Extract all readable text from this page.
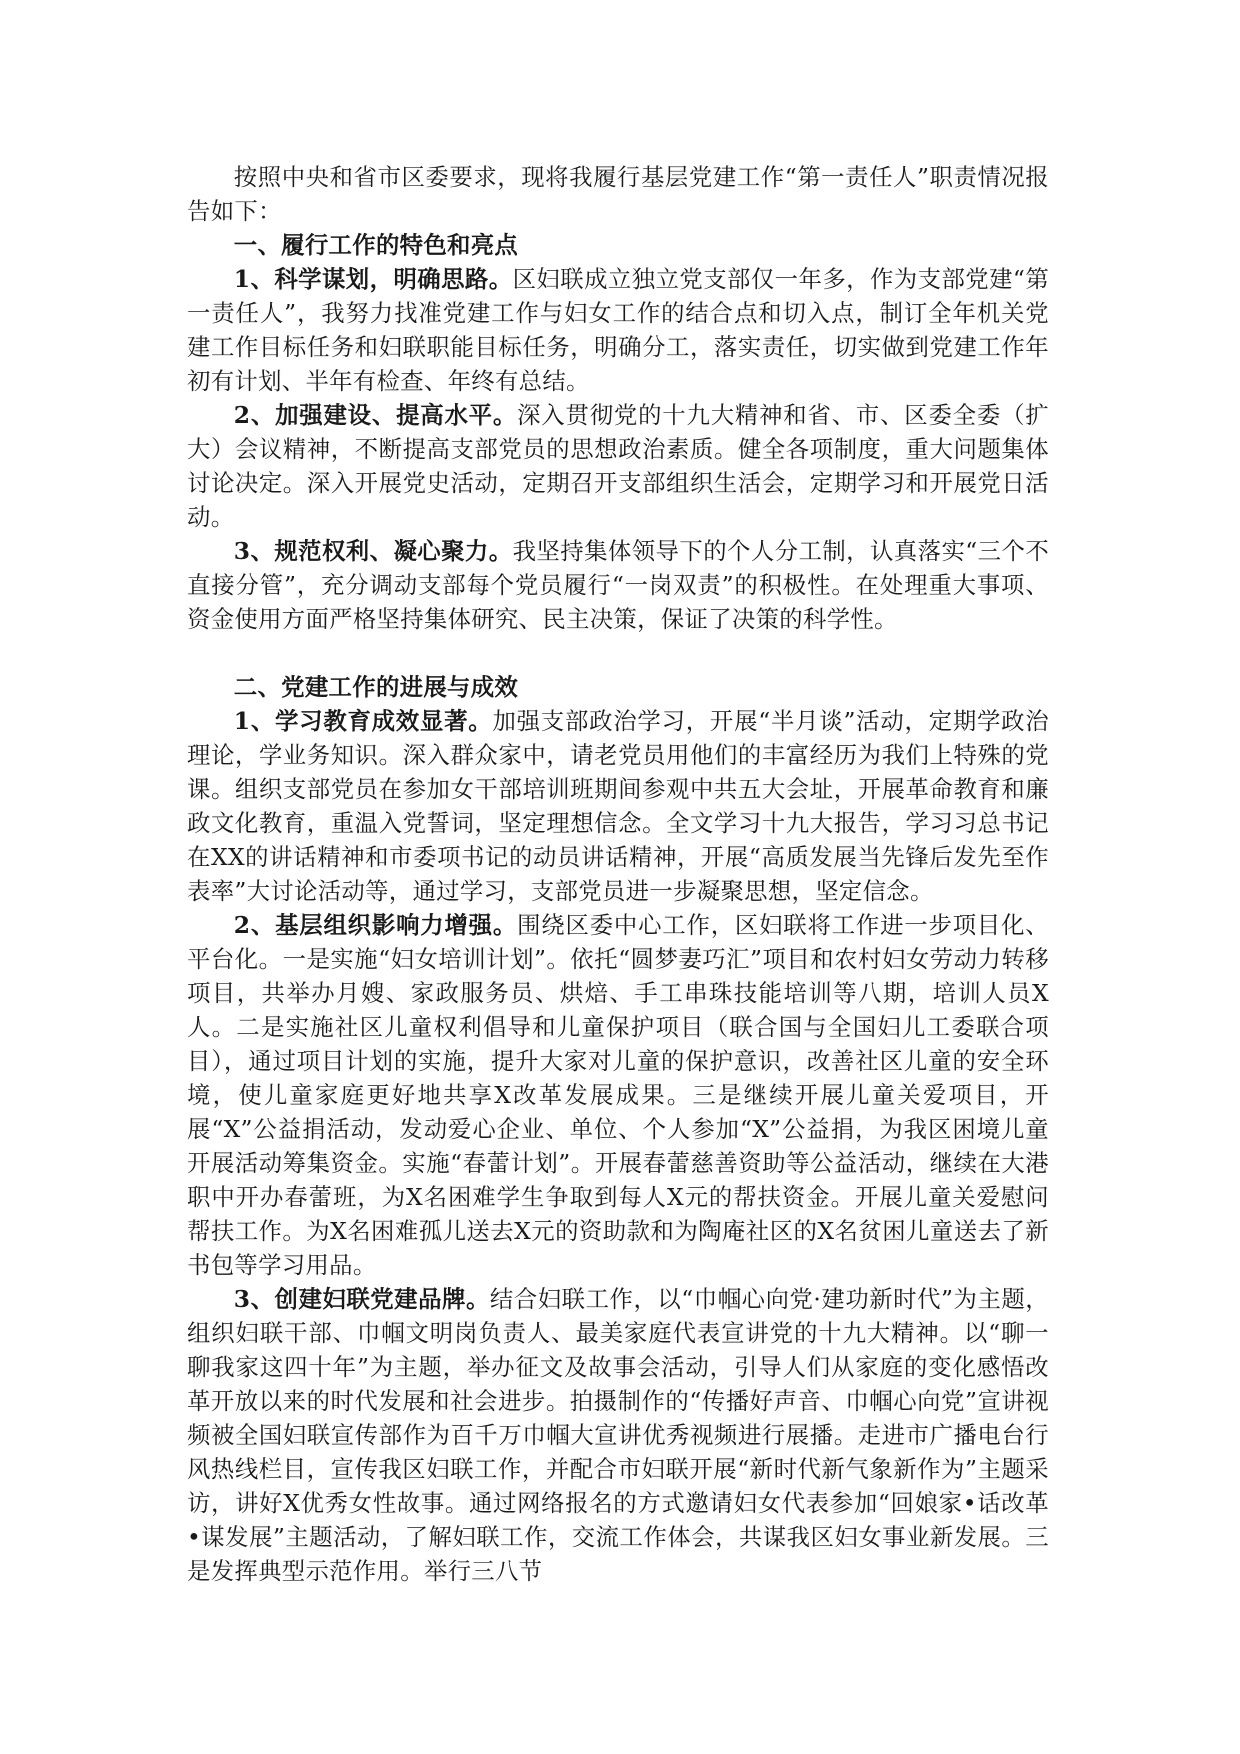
按照中央和省市区委要求，现将我履行基层党建工作“第一责任人”职责情况报告如下：

一、履行工作的特色和亮点

1、科学谋划，明确思路。区妇联成立独立党支部仅一年多，作为支部党建“第一责任人”，我努力找准党建工作与妇女工作的结合点和切入点，制订全年机关党建工作目标任务和妇联职能目标任务，明确分工，落实责任，切实做到党建工作年初有计划、半年有检查、年终有总结。

2、加强建设、提高水平。深入贯彻党的十九大精神和省、市、区委全委（扩大）会议精神，不断提高支部党员的思想政治素质。健全各项制度，重大问题集体讨论决定。深入开展党史活动，定期召开支部组织生活会，定期学习和开展党日活动。

3、规范权利、凝心聚力。我坚持集体领导下的个人分工制，认真落实“三个不直接分管”，充分调动支部每个党员履行“一岗双责”的积极性。在处理重大事项、资金使用方面严格坚持集体研究、民主决策，保证了决策的科学性。

二、党建工作的进展与成效

1、学习教育成效显著。加强支部政治学习，开展“半月谈”活动，定期学政治理论，学业务知识。深入群众家中，请老党员用他们的丰富经历为我们上特殊的党课。组织支部党员在参加女干部培训班期间参观中共五大会址，开展革命教育和廉政文化教育，重温入党誓词，坚定理想信念。全文学习十九大报告，学习习总书记在XX的讲话精神和市委项书记的动员讲话精神，开展“高质发展当先锋后发先至作表率”大讨论活动等，通过学习，支部党员进一步凝聚思想，坚定信念。

2、基层组织影响力增强。围绕区委中心工作，区妇联将工作进一步项目化、平台化。一是实施“妇女培训计划”。依托“圆梦妻巧汇”项目和农村妇女劳动力转移项目，共举办月嫂、家政服务员、烘焙、手工串珠技能培训等八期，培训人员X人。二是实施社区儿童权利倡导和儿童保护项目（联合国与全国妇儿工委联合项目），通过项目计划的实施，提升大家对儿童的保护意识，改善社区儿童的安全环境，使儿童家庭更好地共享X改革发展成果。三是继续开展儿童关爱项目，开展“X”公益捐活动，发动爱心企业、单位、个人参加“X”公益捐，为我区困境儿童开展活动筹集资金。实施“春蕾计划”。开展春蕾慈善资助等公益活动，继续在大港职中开办春蕾班，为X名困难学生争取到每人X元的帮扶资金。开展儿童关爱慰问帮扶工作。为X名困难孤儿送去X元的资助款和为陶庵社区的X名贫困儿童送去了新书包等学习用品。

3、创建妇联党建品牌。结合妇联工作，以“巾帼心向党·建功新时代”为主题，组织妇联干部、巾帼文明岗负责人、最美家庭代表宣讲党的十九大精神。以“聊一聊我家这四十年”为主题，举办征文及故事会活动，引导人们从家庭的变化感悟改革开放以来的时代发展和社会进步。拍摄制作的“传播好声音、巾帼心向党”宣讲视频被全国妇联宣传部作为百千万巾帼大宣讲优秀视频进行展播。走进市广播电台行风热线栏目，宣传我区妇联工作，并配合市妇联开展“新时代新气象新作为”主题采访，讲好X优秀女性故事。通过网络报名的方式邀请妇女代表参加“回娘家•话改革•谋发展”主题活动，了解妇联工作，交流工作体会，共谋我区妇女事业新发展。三是发挥典型示范作用。举行三八节
